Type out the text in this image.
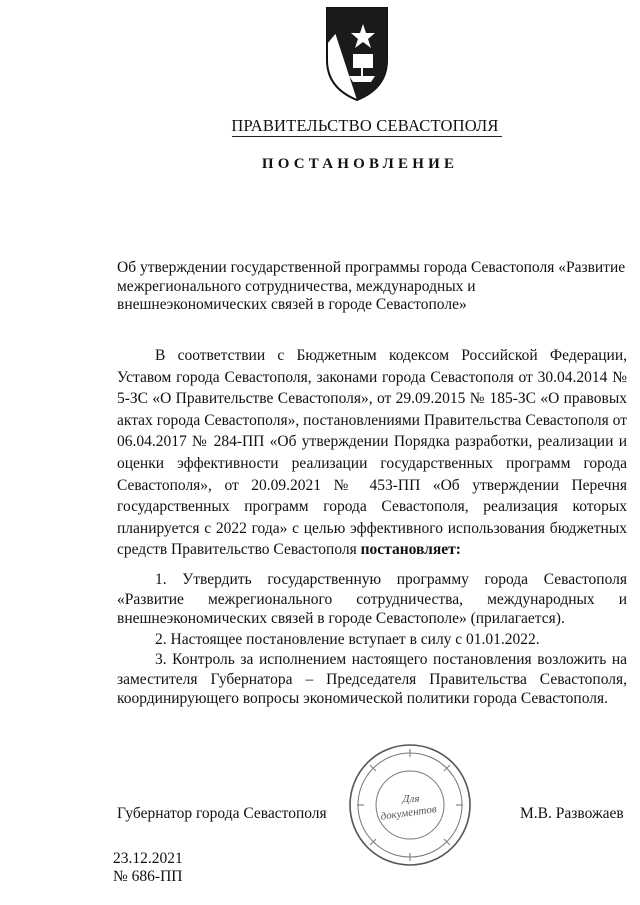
ПРАВИТЕЛЬСТВО СЕВАСТОПОЛЯ
ПОСТАНОВЛЕНИЕ
Об утверждении государственной программы города Севастополя «Развитие межрегионального сотрудничества, международных и внешнеэкономических связей в городе Севастополе»
В соответствии с Бюджетным кодексом Российской Федерации, Уставом города Севастополя, законами города Севастополя от 30.04.2014 № 5-ЗС «О Правительстве Севастополя», от 29.09.2015 № 185-ЗС «О правовых актах города Севастополя», постановлениями Правительства Севастополя от 06.04.2017 № 284-ПП «Об утверждении Порядка разработки, реализации и оценки эффективности реализации государственных программ города Севастополя», от 20.09.2021 № 453-ПП «Об утверждении Перечня государственных программ города Севастополя, реализация которых планируется с 2022 года» с целью эффективного использования бюджетных средств Правительство Севастополя постановляет:
1. Утвердить государственную программу города Севастополя «Развитие межрегионального сотрудничества, международных и внешнеэкономических связей в городе Севастополе» (прилагается).
2. Настоящее постановление вступает в силу с 01.01.2022.
3. Контроль за исполнением настоящего постановления возложить на заместителя Губернатора – Председателя Правительства Севастополя, координирующего вопросы экономической политики города Севастополя.
Для
документов
Губернатор города Севастополя	М.В. Развожаев
23.12.2021
№ 686-ПП
